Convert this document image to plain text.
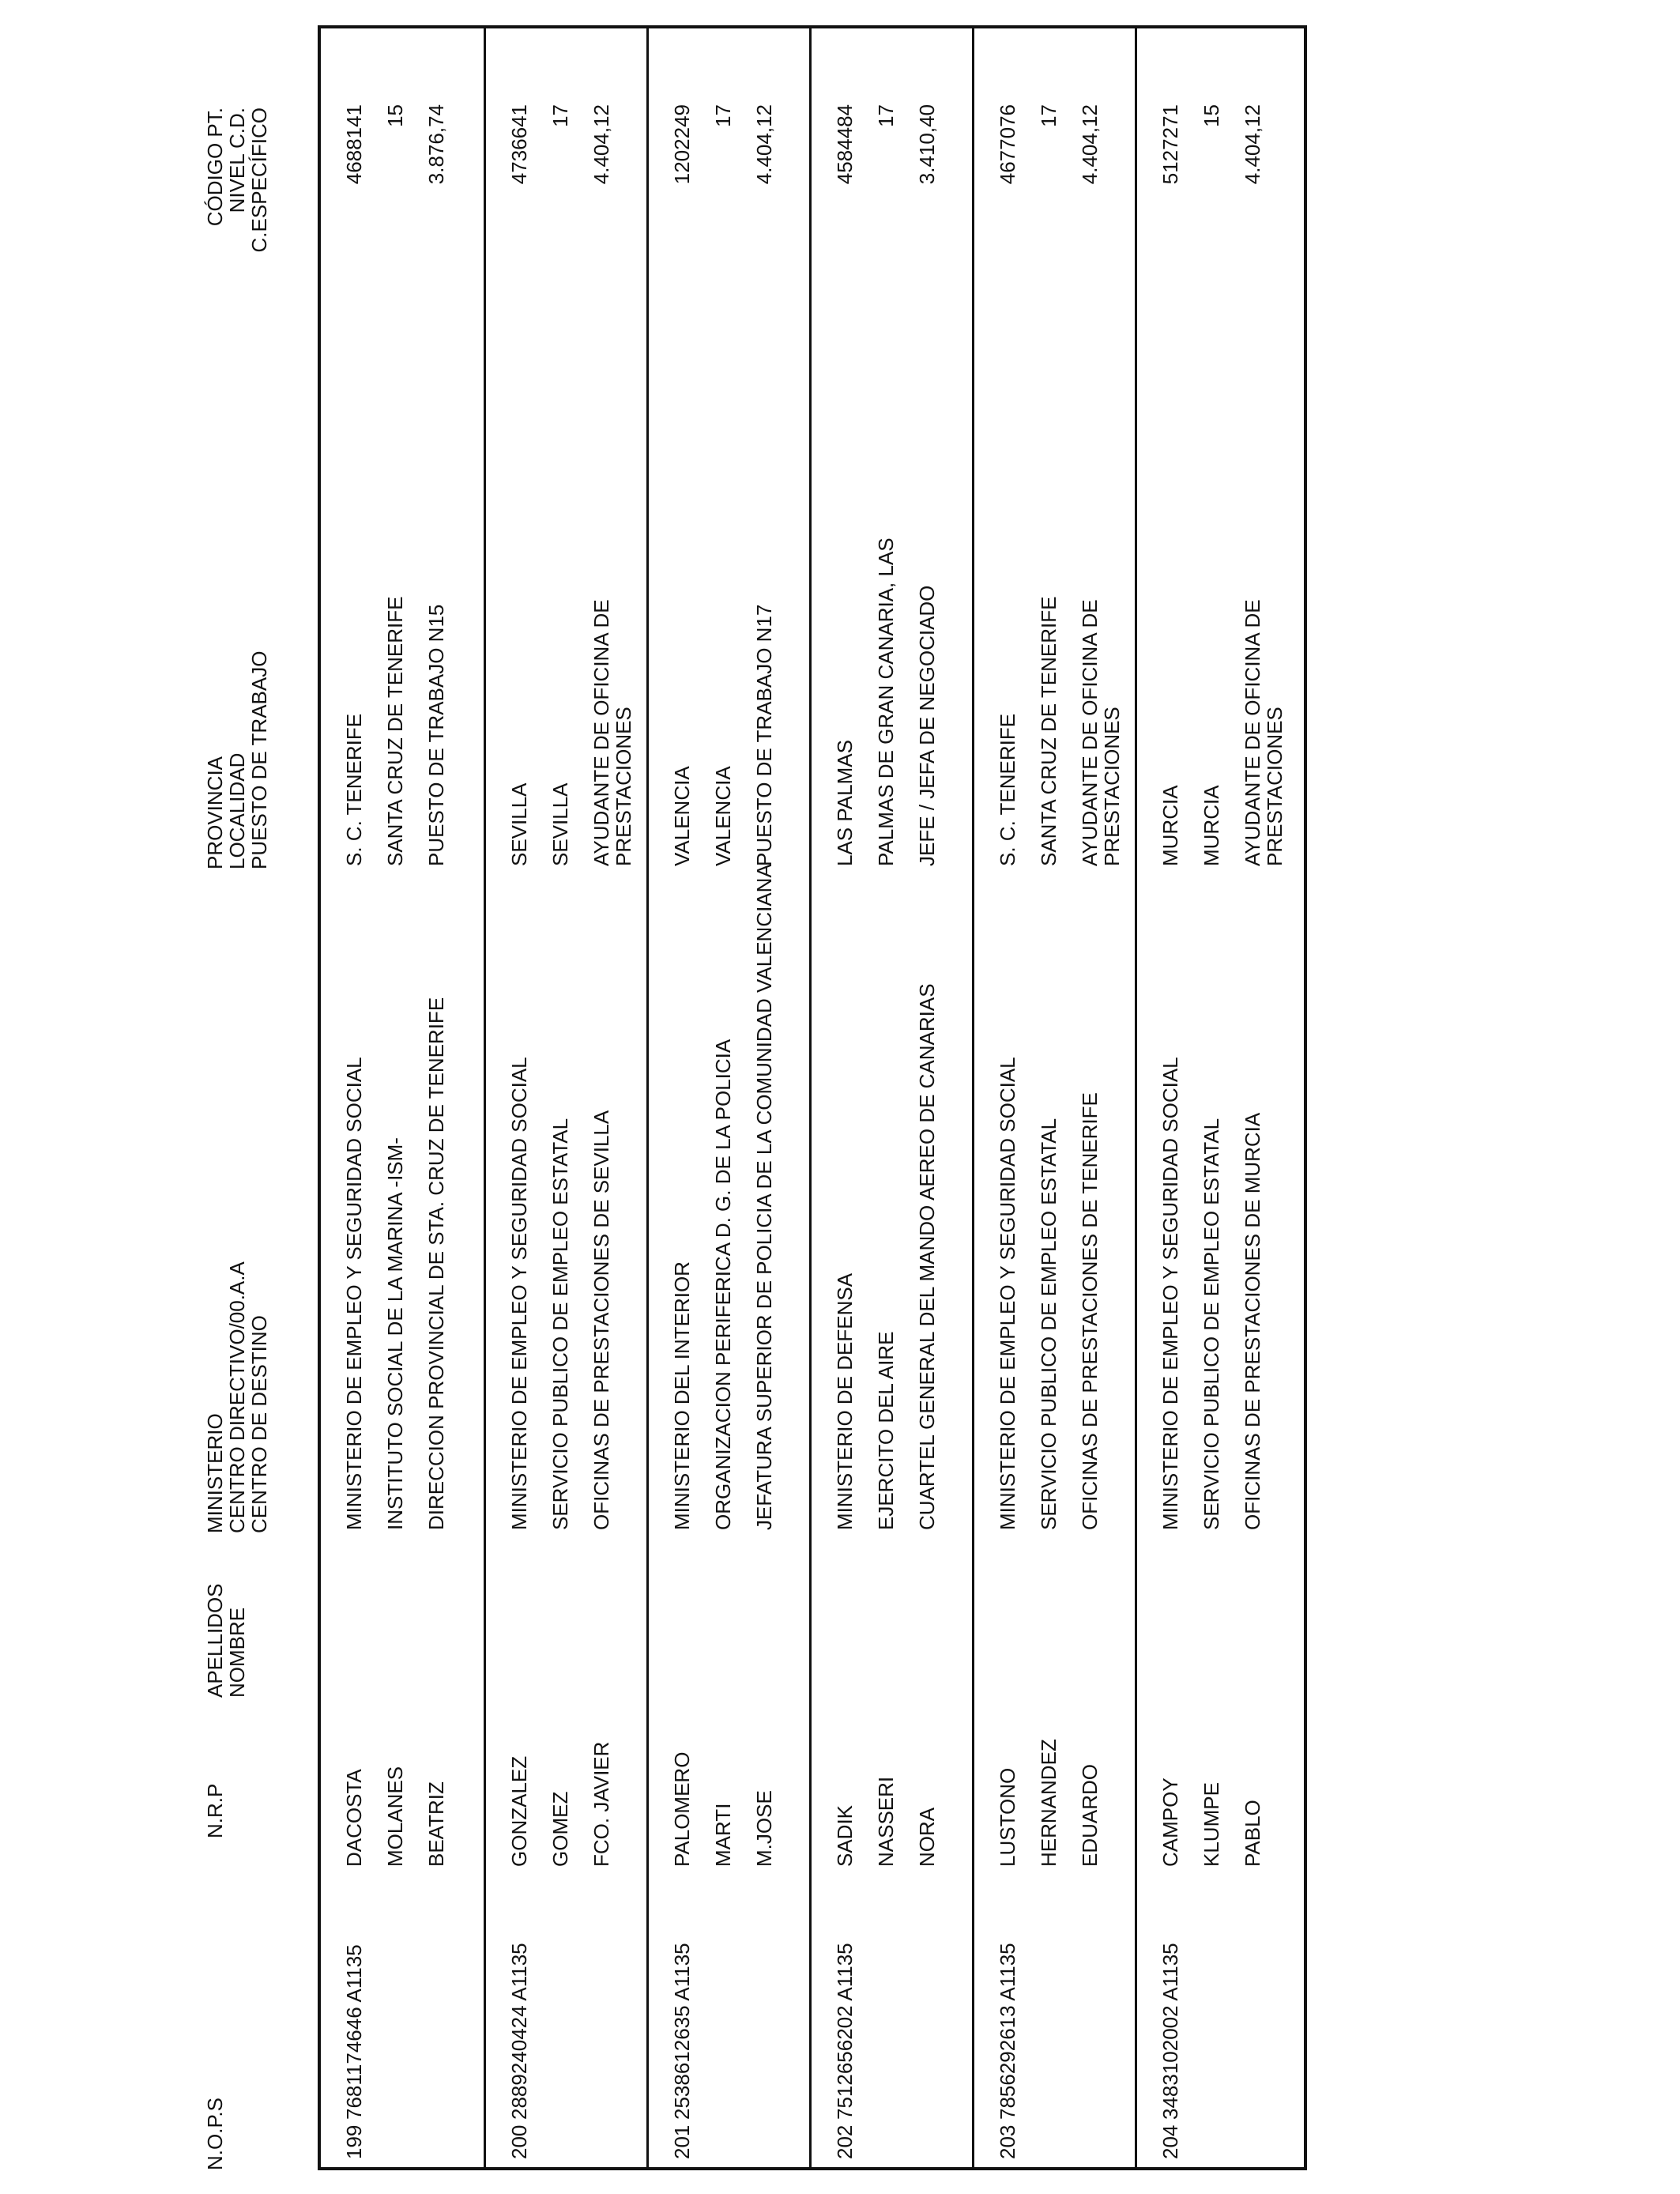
N.O.P.S
N.R.P
APELLIDOS
NOMBRE
MINISTERIO
CENTRO DIRECTIVO/00.A.A
CENTRO DE DESTINO
PROVINCIA
LOCALIDAD
PUESTO DE TRABAJO
CÓDIGO PT.
NIVEL C.D.
C.ESPECÍFICO
199
7681174646 A1135
DACOSTA MOLANES BEATRIZ
MINISTERIO DE EMPLEO Y SEGURIDAD SOCIAL INSTITUTO SOCIAL DE LA MARINA -ISM- DIRECCION PROVINCIAL DE STA. CRUZ DE TENERIFE
S. C. TENERIFE SANTA CRUZ DE TENERIFE PUESTO DE TRABAJO N15
4688141 15 3.876,74
200
2889240424 A1135
GONZALEZ GOMEZ FCO. JAVIER
MINISTERIO DE EMPLEO Y SEGURIDAD SOCIAL SERVICIO PUBLICO DE EMPLEO ESTATAL OFICINAS DE PRESTACIONES DE SEVILLA
SEVILLA SEVILLA AYUDANTE DE OFICINA DE
PRESTACIONES
4736641 17 4.404,12
201
2538612635 A1135
PALOMERO MARTI M.JOSE
MINISTERIO DEL INTERIOR ORGANIZACION PERIFERICA D. G. DE LA POLICIA JEFATURA SUPERIOR DE POLICIA DE LA COMUNIDAD VALENCIANA
VALENCIA VALENCIA PUESTO DE TRABAJO N17
1202249 17 4.404,12
202
7512656202 A1135
SADIK NASSERI NORA
MINISTERIO DE DEFENSA EJERCITO DEL AIRE CUARTEL GENERAL DEL MANDO AEREO DE CANARIAS
LAS PALMAS PALMAS DE GRAN CANARIA, LAS JEFE / JEFA DE NEGOCIADO
4584484 17 3.410,40
203
7856292613 A1135
LUSTONO HERNANDEZ EDUARDO
MINISTERIO DE EMPLEO Y SEGURIDAD SOCIAL SERVICIO PUBLICO DE EMPLEO ESTATAL OFICINAS DE PRESTACIONES DE TENERIFE
S. C. TENERIFE SANTA CRUZ DE TENERIFE AYUDANTE DE OFICINA DE
PRESTACIONES
4677076 17 4.404,12
204
3483102002 A1135
CAMPOY KLUMPE PABLO
MINISTERIO DE EMPLEO Y SEGURIDAD SOCIAL SERVICIO PUBLICO DE EMPLEO ESTATAL OFICINAS DE PRESTACIONES DE MURCIA
MURCIA MURCIA AYUDANTE DE OFICINA DE
PRESTACIONES
5127271 15 4.404,12
